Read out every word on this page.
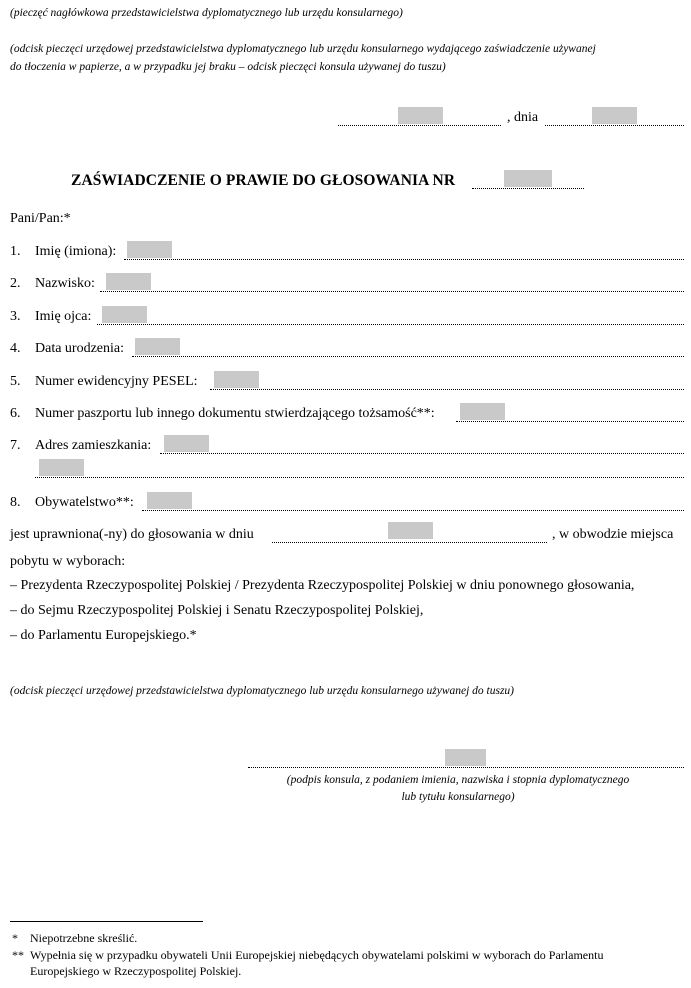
(pieczęć nagłówkowa przedstawicielstwa dyplomatycznego lub urzędu konsularnego)
(odcisk pieczęci urzędowej przedstawicielstwa dyplomatycznego lub urzędu konsularnego wydającego zaświadczenie używanej
do tłoczenia w papierze, a w przypadku jej braku – odcisk pieczęci konsula używanej do tuszu)
, dnia
ZAŚWIADCZENIE O PRAWIE DO GŁOSOWANIA NR
Pani/Pan:*
1. Imię (imiona):
2. Nazwisko:
3. Imię ojca:
4. Data urodzenia:
5. Numer ewidencyjny PESEL:
6. Numer paszportu lub innego dokumentu stwierdzającego tożsamość**:
7. Adres zamieszkania:
8. Obywatelstwo**:
jest uprawniona(-ny) do głosowania w dniu	, w obwodzie miejsca
pobytu w wyborach:
– Prezydenta Rzeczypospolitej Polskiej / Prezydenta Rzeczypospolitej Polskiej w dniu ponownego głosowania,
– do Sejmu Rzeczypospolitej Polskiej i Senatu Rzeczypospolitej Polskiej,
– do Parlamentu Europejskiego.*
(odcisk pieczęci urzędowej przedstawicielstwa dyplomatycznego lub urzędu konsularnego używanej do tuszu)
(podpis konsula, z podaniem imienia, nazwiska i stopnia dyplomatycznego
lub tytułu konsularnego)
* Niepotrzebne skreślić.
** Wypełnia się w przypadku obywateli Unii Europejskiej niebędących obywatelami polskimi w wyborach do Parlamentu
Europejskiego w Rzeczypospolitej Polskiej.
